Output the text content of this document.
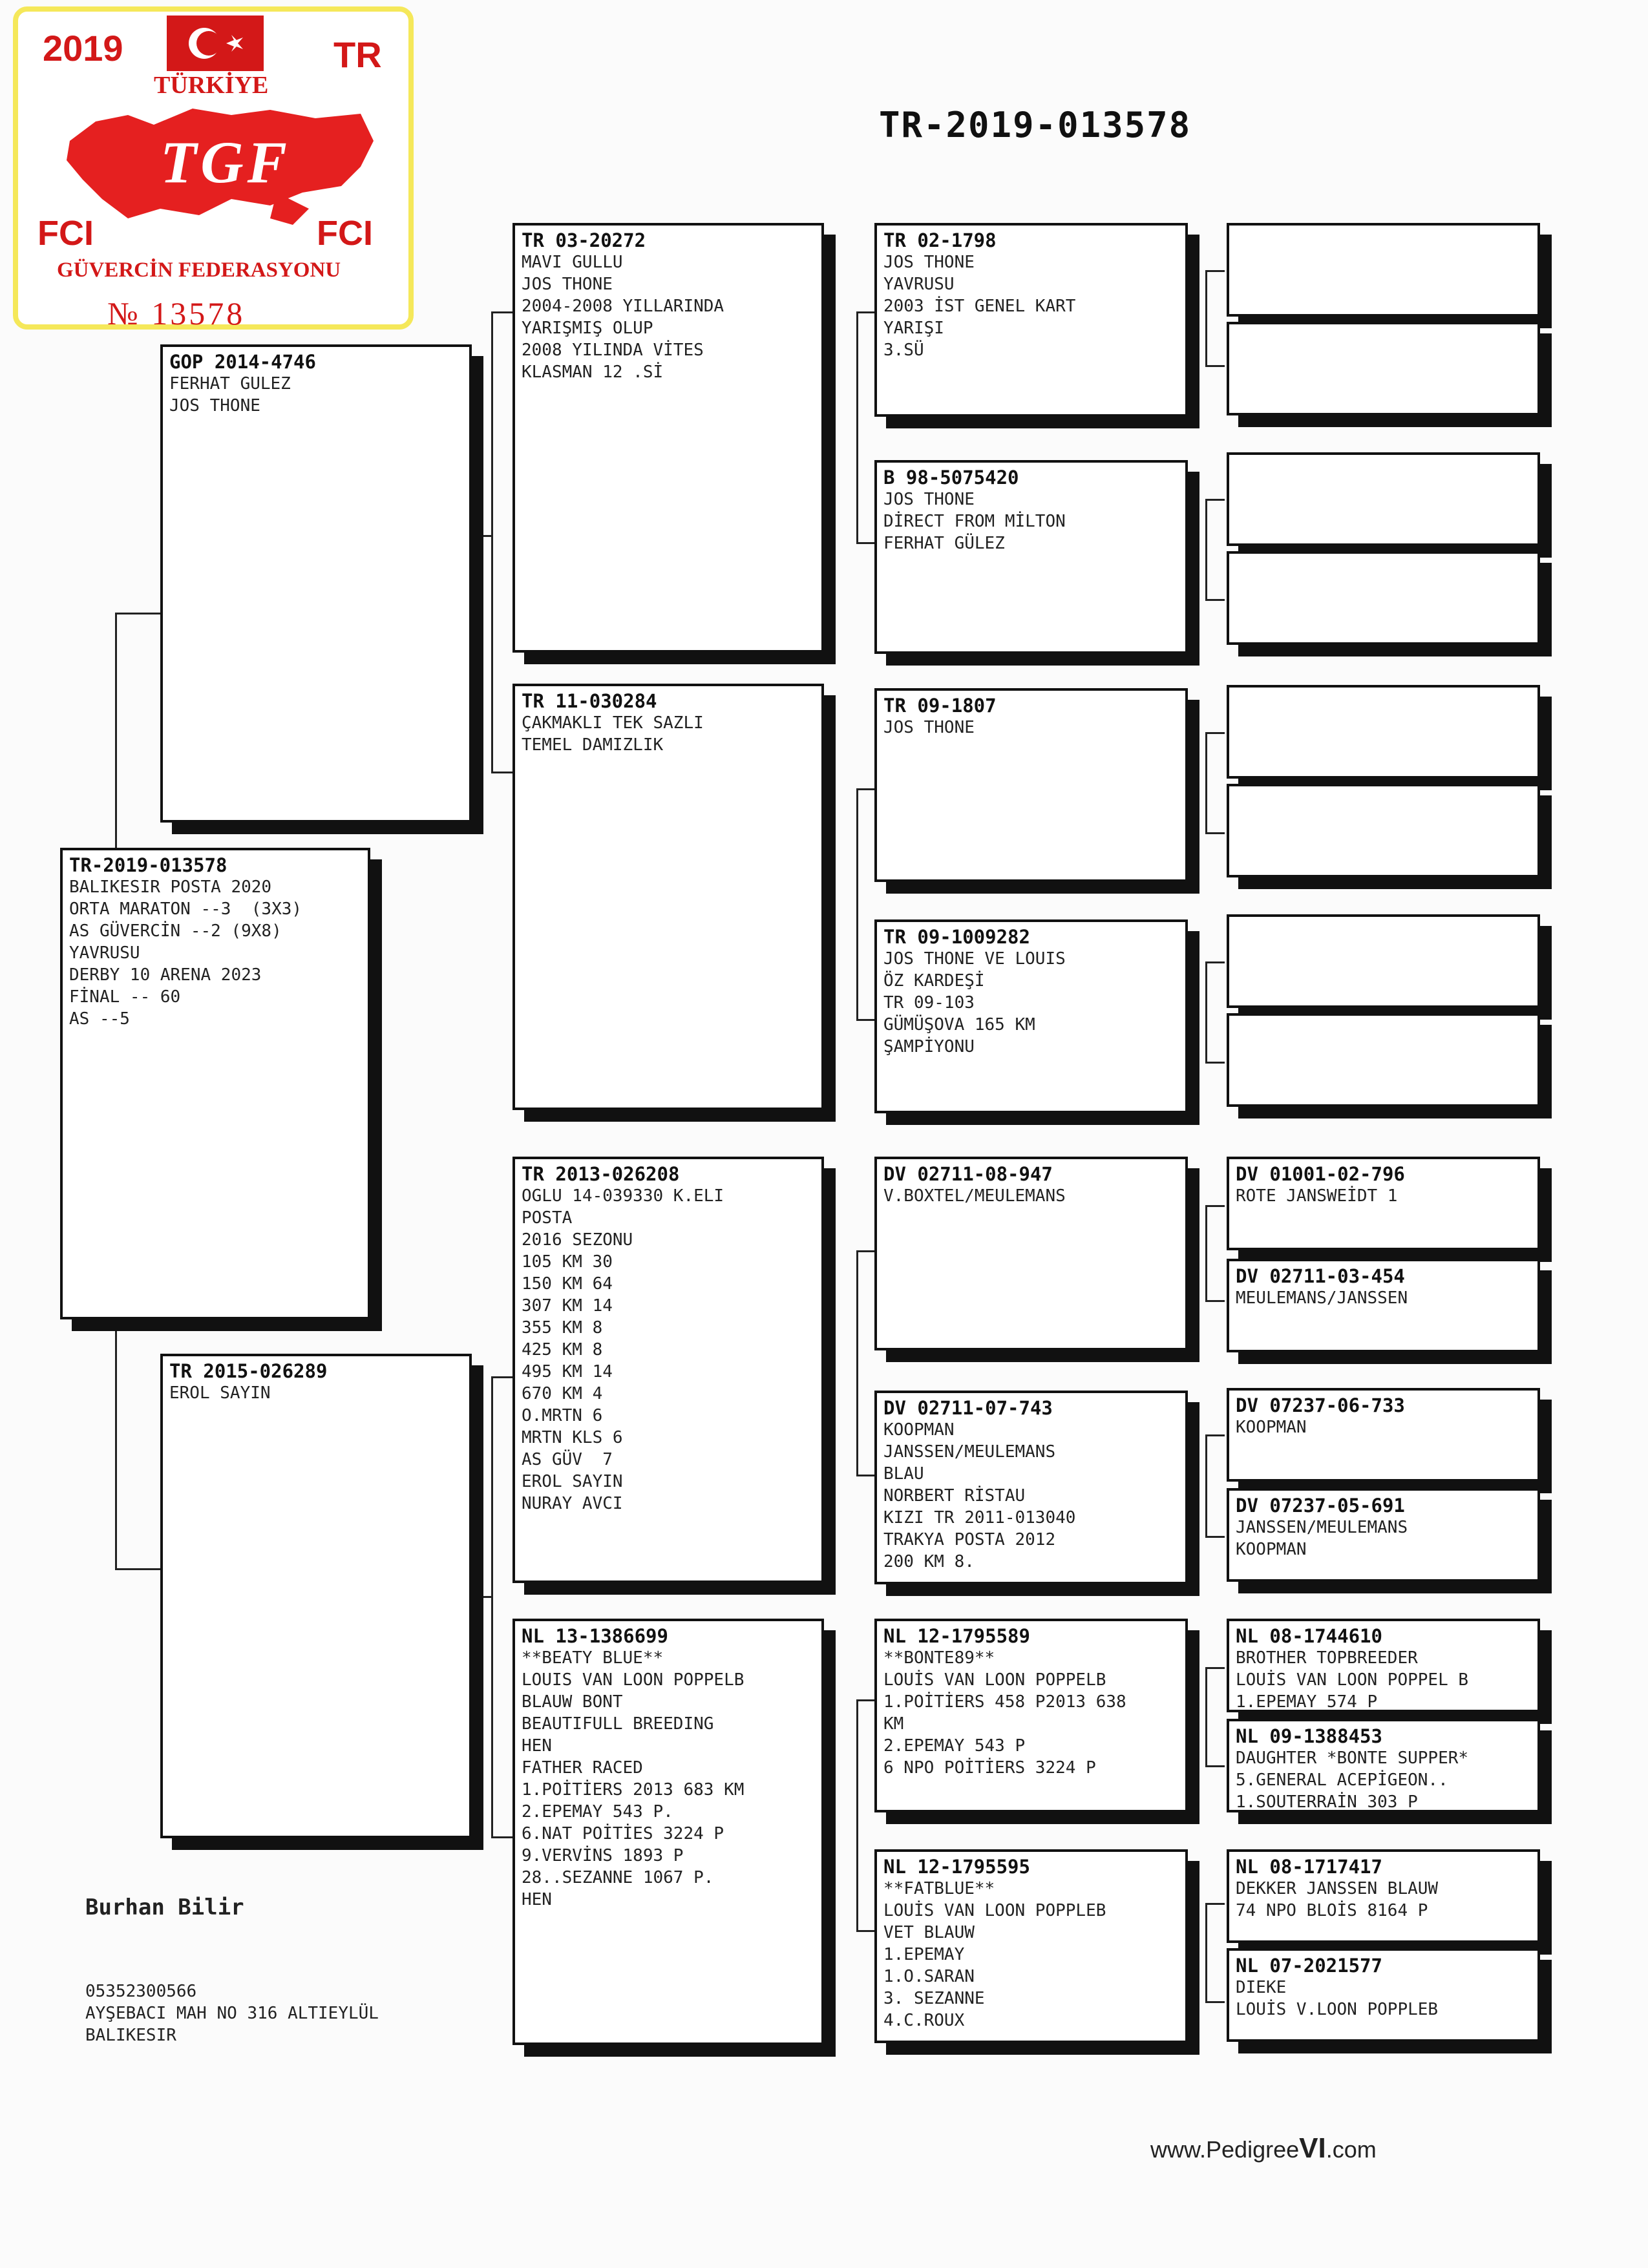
2019	TR
TÜRKİYE
TGF
FCI	FCI
GÜVERCİN FEDERASYONU
№ 13578
TR-2019-013578
TR-2019-013578
BALIKESIR POSTA 2020
ORTA MARATON --3  (3X3)
AS GÜVERCİN --2 (9X8)
YAVRUSU
DERBY 10 ARENA 2023
FİNAL -- 60
AS --5
GOP 2014-4746
FERHAT GULEZ
JOS THONE
TR 2015-026289
EROL SAYIN
TR 03-20272
MAVI GULLU
JOS THONE
2004-2008 YILLARINDA
YARIŞMIŞ OLUP
2008 YILINDA VİTES
KLASMAN 12 .Sİ
TR 11-030284
ÇAKMAKLI TEK SAZLI
TEMEL DAMIZLIK
TR 2013-026208
OGLU 14-039330 K.ELI
POSTA
2016 SEZONU
105 KM 30
150 KM 64
307 KM 14
355 KM 8
425 KM 8
495 KM 14
670 KM 4
O.MRTN 6
MRTN KLS 6
AS GÜV  7
EROL SAYIN
NURAY AVCI
NL 13-1386699
**BEATY BLUE**
LOUIS VAN LOON POPPELB
BLAUW BONT
BEAUTIFULL BREEDING
HEN
FATHER RACED
1.POİTİERS 2013 683 KM
2.EPEMAY 543 P.
6.NAT POİTİES 3224 P
9.VERVİNS 1893 P
28..SEZANNE 1067 P.
HEN
TR 02-1798
JOS THONE
YAVRUSU
2003 İST GENEL KART
YARIŞI
3.SÜ
B 98-5075420
JOS THONE
DİRECT FROM MİLTON
FERHAT GÜLEZ
TR 09-1807
JOS THONE
TR 09-1009282
JOS THONE VE LOUIS
ÖZ KARDEŞİ
TR 09-103
GÜMÜŞOVA 165 KM
ŞAMPİYONU
DV 02711-08-947
V.BOXTEL/MEULEMANS
DV 02711-07-743
KOOPMAN
JANSSEN/MEULEMANS
BLAU
NORBERT RİSTAU
KIZI TR 2011-013040
TRAKYA POSTA 2012
200 KM 8.
NL 12-1795589
**BONTE89**
LOUİS VAN LOON POPPELB
1.POİTİERS 458 P2013 638
KM
2.EPEMAY 543 P
6 NPO POİTİERS 3224 P
NL 12-1795595
**FATBLUE**
LOUİS VAN LOON POPPLEB
VET BLAUW
1.EPEMAY
1.O.SARAN
3. SEZANNE
4.C.ROUX
DV 01001-02-796
ROTE JANSWEİDT 1
DV 02711-03-454
MEULEMANS/JANSSEN
DV 07237-06-733
KOOPMAN
DV 07237-05-691
JANSSEN/MEULEMANS
KOOPMAN
NL 08-1744610
BROTHER TOPBREEDER
LOUİS VAN LOON POPPEL B
1.EPEMAY 574 P
NL 09-1388453
DAUGHTER *BONTE SUPPER*
5.GENERAL ACEPİGEON..
1.SOUTERRAİN 303 P
NL 08-1717417
DEKKER JANSSEN BLAUW
74 NPO BLOİS 8164 P
NL 07-2021577
DIEKE
LOUİS V.LOON POPPLEB
Burhan Bilir
05352300566
AYŞEBACI MAH NO 316 ALTIEYLÜL
BALIKESIR
www.PedigreeVI.com
